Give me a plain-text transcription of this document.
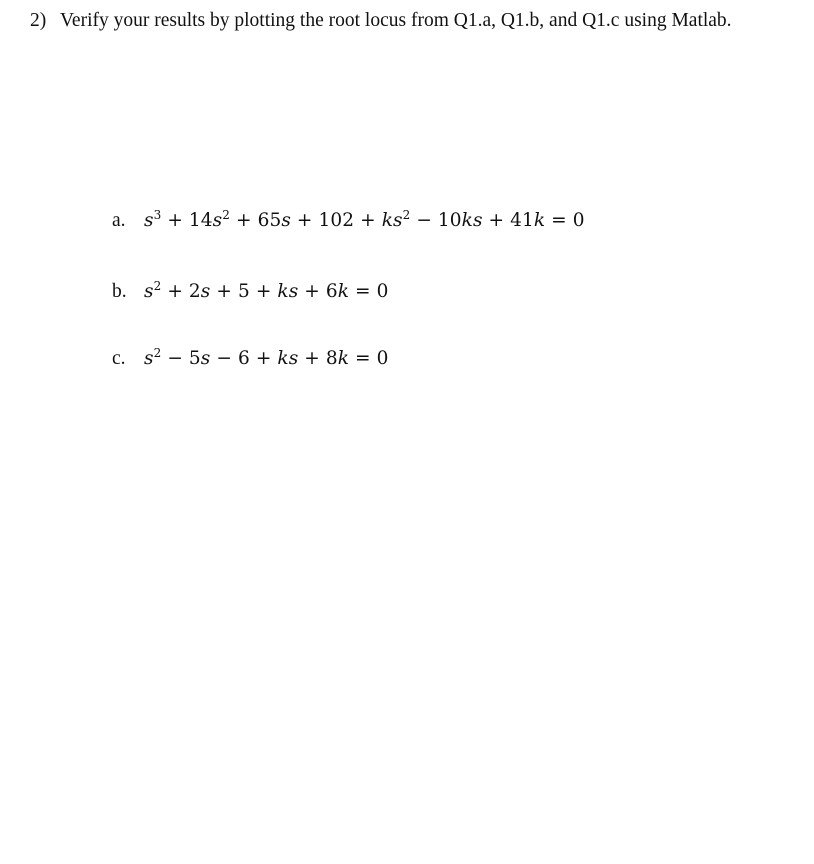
2) Verify your results by plotting the root locus from Q1.a, Q1.b, and Q1.c using Matlab.
a. $s^3 + 14s^2 + 65s + 102 + ks^2 - 10ks + 41k = 0$
b. $s^2 + 2s + 5$ + ks + 6k = 0
c. $s^2 - 5s - 6$ + ks + 8k = 0
